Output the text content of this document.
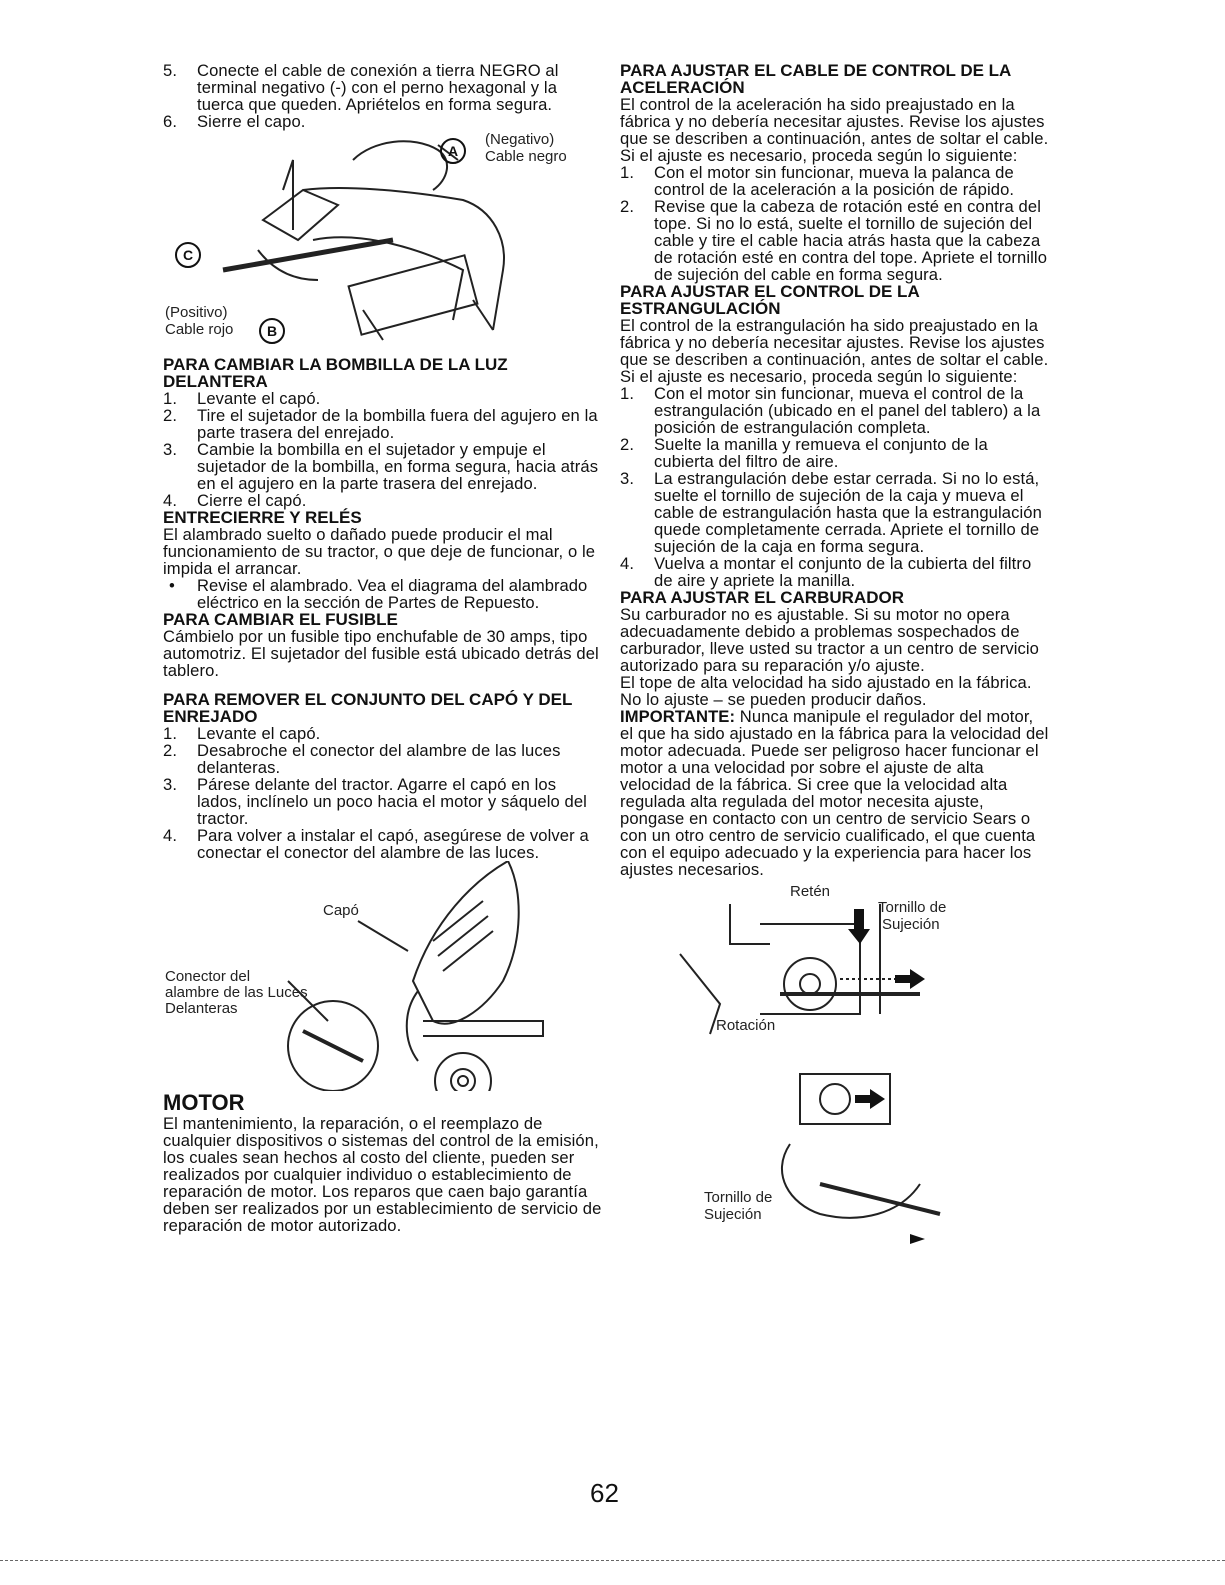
5. Conecte el cable de conexión a tierra NEGRO al terminal negativo (-) con el perno hexagonal y la tuerca que queden. Apriételos en forma segura.
6. Sierre el capo.
A
(Negativo)
Cable negro
C
(Positivo)
Cable rojo	B
PARA CAMBIAR LA BOMBILLA DE LA LUZ DELANTERA
1. Levante el capó.
2. Tire el sujetador de la bombilla fuera del agujero en la parte trasera del enrejado.
3. Cambie la bombilla en el sujetador y empuje el sujetador de la bombilla, en forma segura, hacia atrás en el agujero en la parte trasera del enrejado.
4. Cierre el capó.
ENTRECIERRE Y RELÉS

El alambrado suelto o dañado puede producir el mal funcionamiento de su tractor, o que deje de funcionar, o le impida el arrancar.

• Revise el alambrado. Vea el diagrama del alambrado eléctrico en la sección de Partes de Repuesto.
PARA CAMBIAR EL FUSIBLE

Cámbielo por un fusible tipo enchufable de 30 amps, tipo automotriz. El sujetador del fusible está ubicado detrás del tablero.

PARA REMOVER EL CONJUNTO DEL CAPÓ Y DEL ENREJADO
1. Levante el capó.
2. Desabroche el conector del alambre de las luces delanteras.
3. Párese delante del tractor. Agarre el capó en los lados, inclínelo un poco hacia el motor y sáquelo del tractor.
4. Para volver a instalar el capó, asegúrese de volver a conectar el conector del alambre de las luces.
Capó
Conector del
alambre de las Luces
Delanteras
MOTOR

El mantenimiento, la reparación, o el reemplazo de cualquier dispositivos o sistemas del control de la emisión, los cuales sean hechos al costo del cliente, pueden ser realizados por cualquier individuo o establecimiento de reparación de motor. Los reparos que caen bajo garantía deben ser realizados por un establecimiento de servicio de reparación de motor autorizado.

PARA AJUSTAR EL CABLE DE CONTROL DE LA ACELERACIÓN

El control de la aceleración ha sido preajustado en la fábrica y no debería necesitar ajustes. Revise los ajustes que se describen a continuación, antes de soltar el cable. Si el ajuste es necesario, proceda según lo siguiente:

1. Con el motor sin funcionar, mueva la palanca de control de la aceleración a la posición de rápido.
2. Revise que la cabeza de rotación esté en contra del tope. Si no lo está, suelte el tornillo de sujeción del cable y tire el cable hacia atrás hasta que la cabeza de rotación esté en contra del tope. Apriete el tornillo de sujeción del cable en forma segura.
PARA AJUSTAR EL CONTROL DE LA ESTRANGULACIÓN

El control de la estrangulación ha sido preajustado en la fábrica y no debería necesitar ajustes. Revise los ajustes que se describen a continuación, antes de soltar el cable. Si el ajuste es necesario, proceda según lo siguiente:

1. Con el motor sin funcionar, mueva el control de la estrangulación (ubicado en el panel del tablero) a la posición de estrangulación completa.
2. Suelte la manilla y remueva el conjunto de la cubierta del filtro de aire.
3. La estrangulación debe estar cerrada. Si no lo está, suelte el tornillo de sujeción de la caja y mueva el cable de estrangulación hasta que la estrangulación quede completamente cerrada. Apriete el tornillo de sujeción de la caja en forma segura.
4. Vuelva a montar el conjunto de la cubierta del filtro de aire y apriete la manilla.
PARA AJUSTAR EL CARBURADOR

Su carburador no es ajustable. Si su motor no opera adecuadamente debido a problemas sospechados de carburador, lleve usted su tractor a un centro de servicio autorizado para su reparación y/o ajuste.

El tope de alta velocidad ha sido ajustado en la fábrica. No lo ajuste – se pueden producir daños.

IMPORTANTE: Nunca manipule el regulador del motor, el que ha sido ajustado en la fábrica para la velocidad del motor adecuada. Puede ser peligroso hacer funcionar el motor a una velocidad por sobre el ajuste de alta velocidad de la fábrica. Si cree que la velocidad alta regulada alta regulada del motor necesita ajuste, pongase en contacto con un centro de servicio Sears o con un otro centro de servicio cualificado, el que cuenta con el equipo adecuado y la experiencia para hacer los ajustes necesarios.

Retén
Tornillo de
Sujeción
Rotación
Tornillo de
Sujeción
62
